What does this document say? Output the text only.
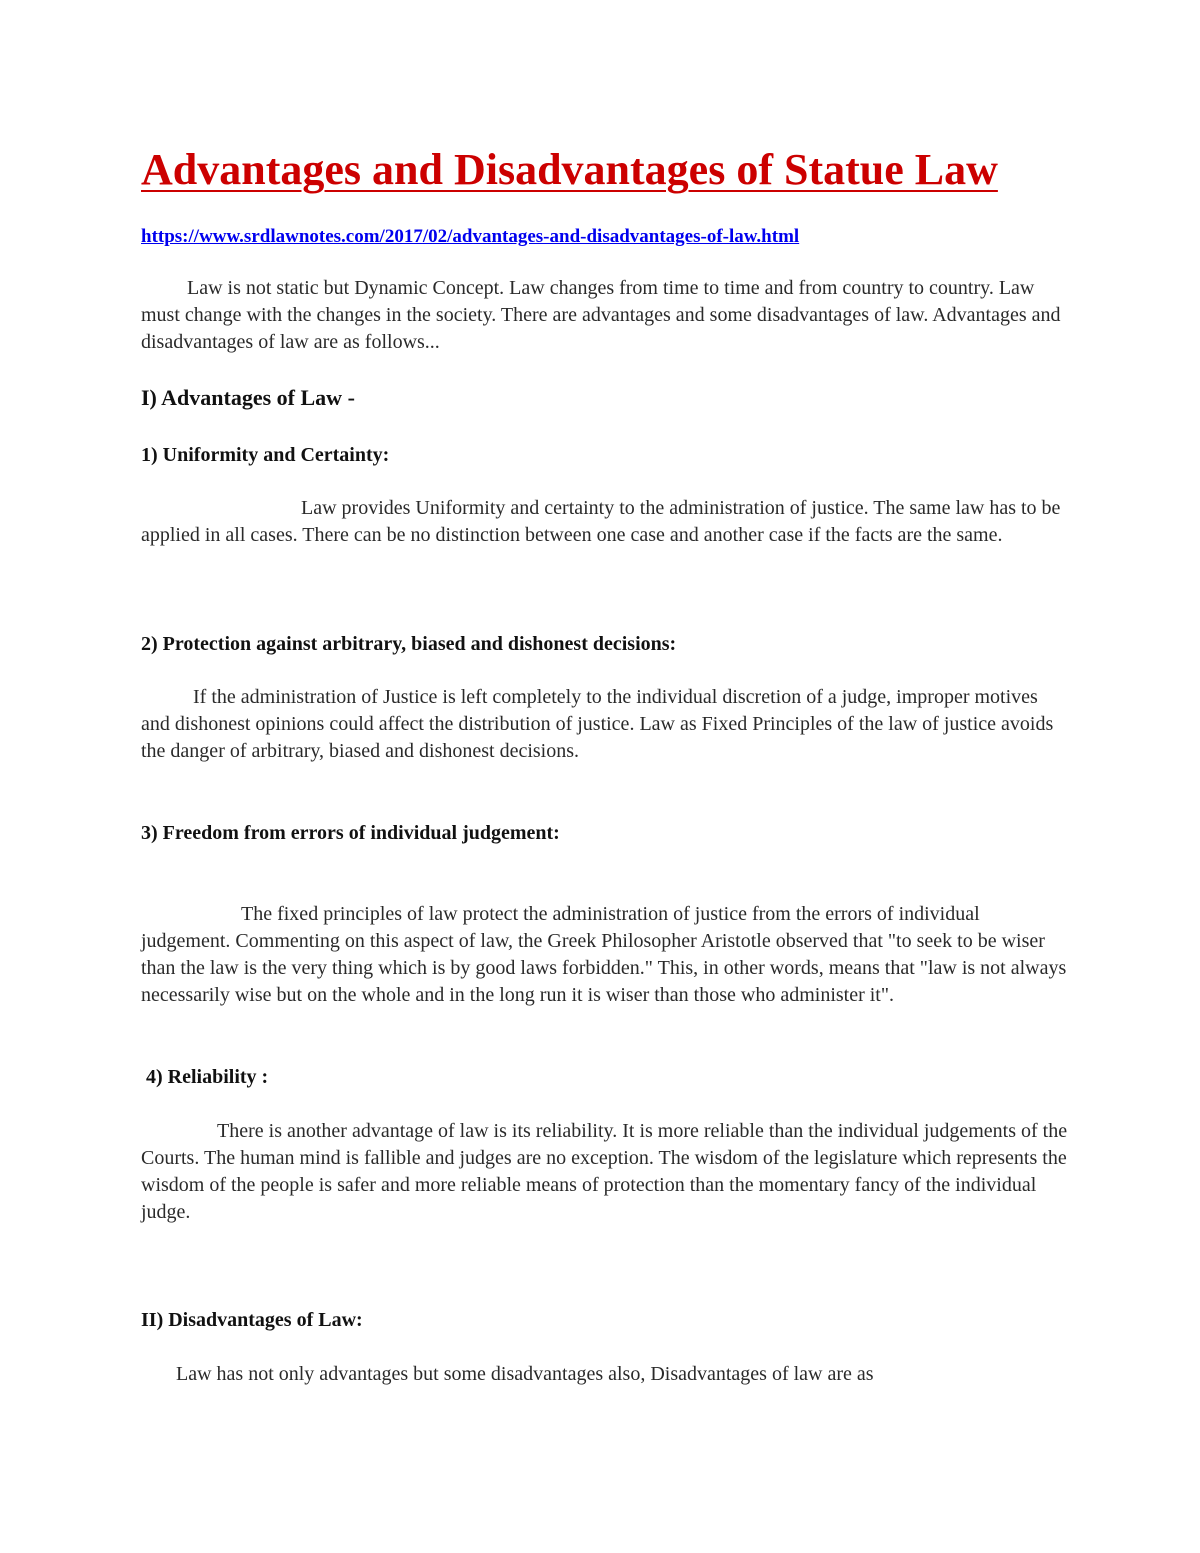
Advantages and Disadvantages of Statue Law
https://www.srdlawnotes.com/2017/02/advantages-and-disadvantages-of-law.html

Law is not static but Dynamic Concept. Law changes from time to time and from country to country. Law must change with the changes in the society. There are advantages and some disadvantages of law. Advantages and disadvantages of law are as follows...

I) Advantages of Law -
1) Uniformity and Certainty:

Law provides Uniformity and certainty to the administration of justice. The same law has to be applied in all cases. There can be no distinction between one case and another case if the facts are the same.

2) Protection against arbitrary, biased and dishonest decisions:

If the administration of Justice is left completely to the individual discretion of a judge, improper motives and dishonest opinions could affect the distribution of justice. Law as Fixed Principles of the law of justice avoids the danger of arbitrary, biased and dishonest decisions.

3) Freedom from errors of individual judgement:

The fixed principles of law protect the administration of justice from the errors of individual judgement. Commenting on this aspect of law, the Greek Philosopher Aristotle observed that "to seek to be wiser than the law is the very thing which is by good laws forbidden." This, in other words, means that "law is not always necessarily wise but on the whole and in the long run it is wiser than those who administer it".

4) Reliability :

There is another advantage of law is its reliability. It is more reliable than the individual judgements of the Courts. The human mind is fallible and judges are no exception. The wisdom of the legislature which represents the wisdom of the people is safer and more reliable means of protection than the momentary fancy of the individual judge.

II) Disadvantages of Law:

Law has not only advantages but some disadvantages also, Disadvantages of law are as
